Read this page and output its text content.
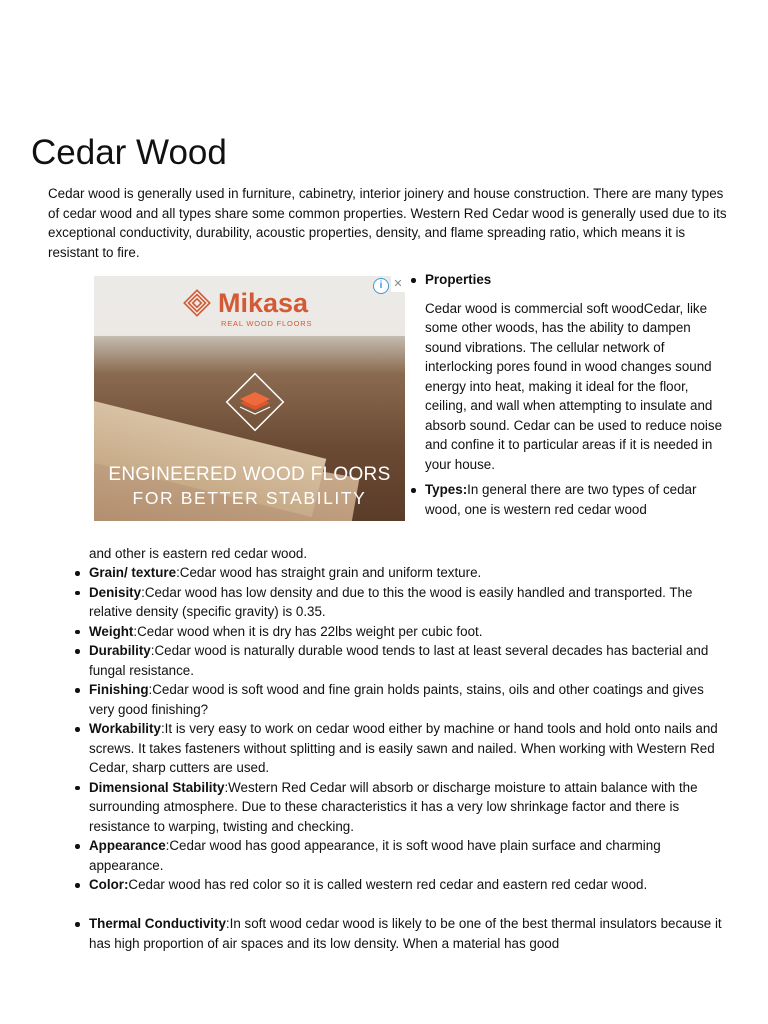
Cedar Wood

Cedar wood is generally used in furniture, cabinetry, interior joinery and house construction. There are many types of cedar wood and all types share some common properties. Western Red Cedar wood is generally used due to its exceptional conductivity, durability, acoustic properties, density, and flame spreading ratio, which means it is resistant to fire.

Mikasa
REAL WOOD FLOORS
i	✕
ENGINEERED WOOD FLOORS
FOR BETTER STABILITY
Properties

Cedar wood is commercial soft woodCedar, like some other woods, has the ability to dampen sound vibrations. The cellular network of interlocking pores found in wood changes sound energy into heat, making it ideal for the floor, ceiling, and wall when attempting to insulate and absorb sound. Cedar can be used to reduce noise and confine it to particular areas if it is needed in your house.

Types:In general there are two types of cedar wood, one is western red cedar wood
and other is eastern red cedar wood.
Grain/ texture:Cedar wood has straight grain and uniform texture.
Denisity:Cedar wood has low density and due to this the wood is easily handled and transported. The relative density (specific gravity) is 0.35.
Weight:Cedar wood when it is dry has 22lbs weight per cubic foot.
Durability:Cedar wood is naturally durable wood tends to last at least several decades has bacterial and fungal resistance.
Finishing:Cedar wood is soft wood and fine grain holds paints, stains, oils and other coatings and gives very good finishing?
Workability:It is very easy to work on cedar wood either by machine or hand tools and hold onto nails and screws. It takes fasteners without splitting and is easily sawn and nailed. When working with Western Red Cedar, sharp cutters are used.
Dimensional Stability:Western Red Cedar will absorb or discharge moisture to attain balance with the surrounding atmosphere. Due to these characteristics it has a very low shrinkage factor and there is resistance to warping, twisting and checking.
Appearance:Cedar wood has good appearance, it is soft wood have plain surface and charming appearance.
Color:Cedar wood has red color so it is called western red cedar and eastern red cedar wood.
Thermal Conductivity:In soft wood cedar wood is likely to be one of the best thermal insulators because it has high proportion of air spaces and its low density. When a material has good
